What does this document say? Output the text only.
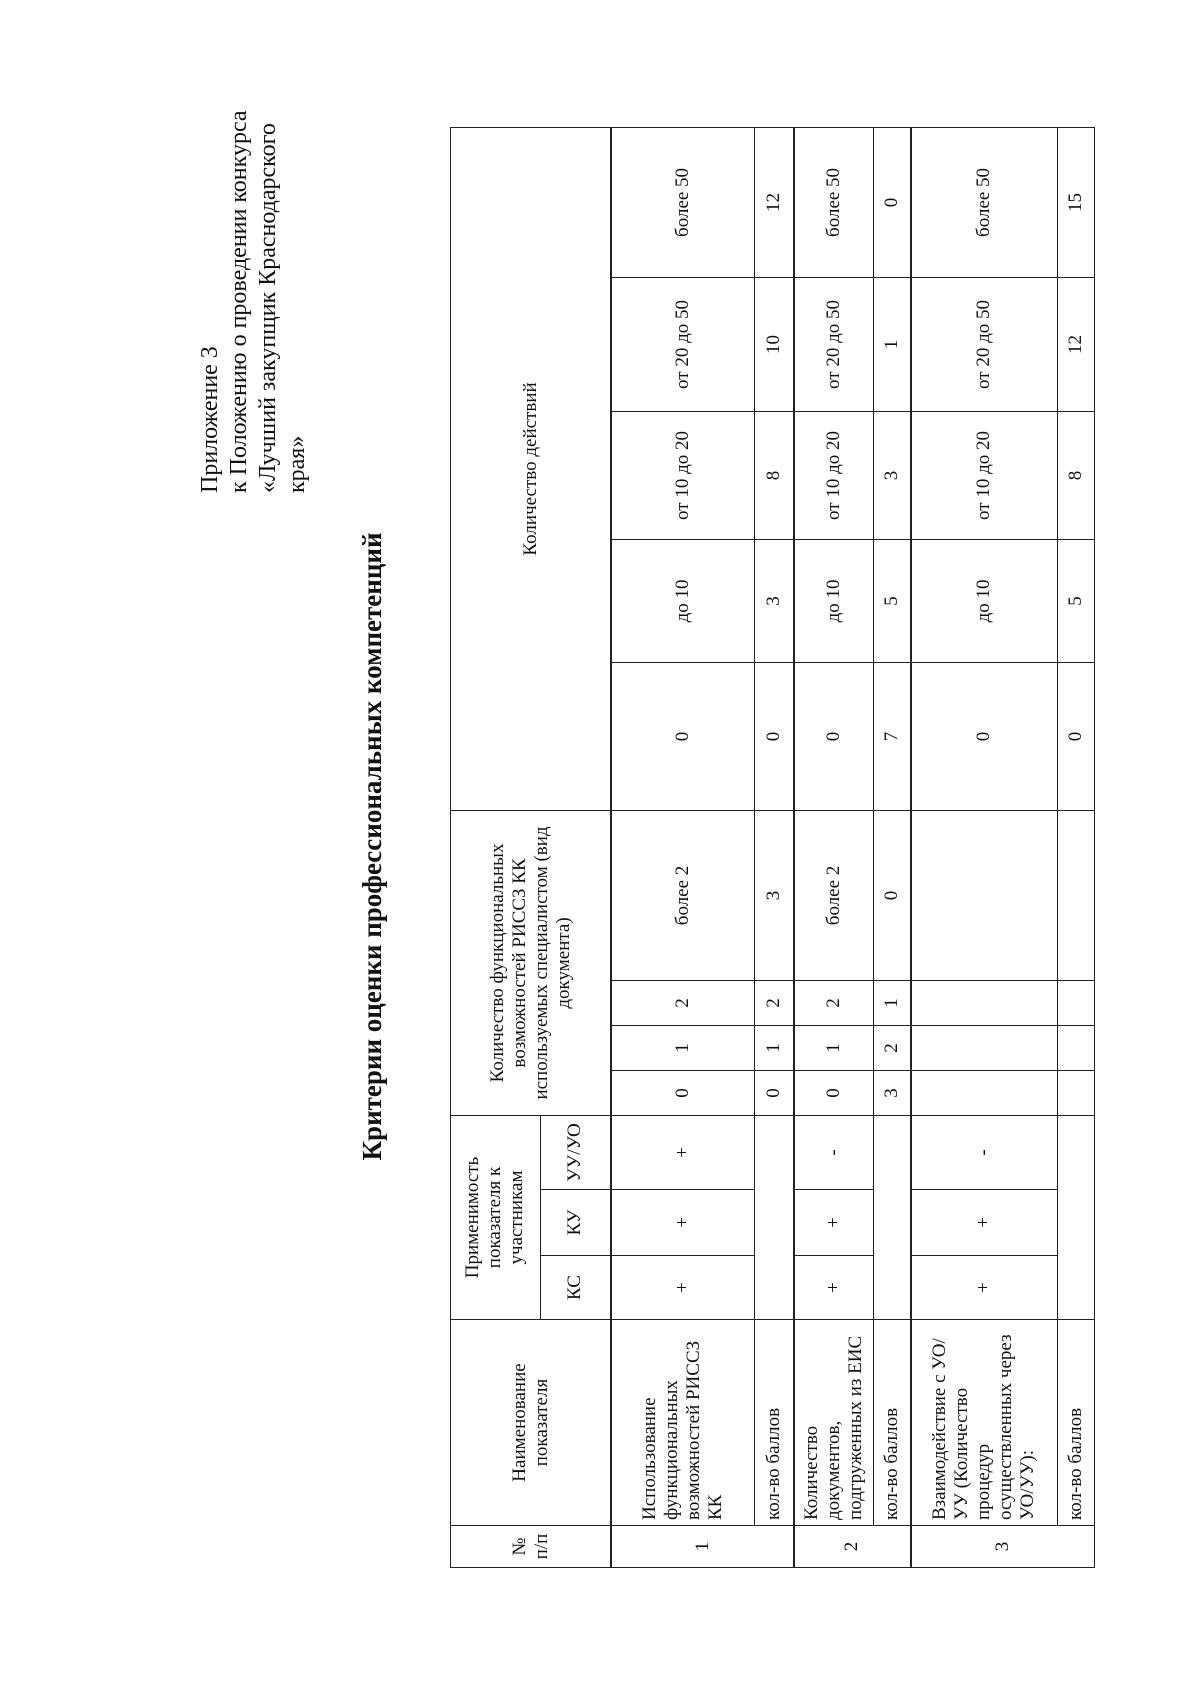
Приложение 3 к Положению о проведении конкурса «Лучший закупщик Краснодарского края»
Критерии оценки профессиональных компетенций
№ п/п	Наименование показателя	Применимость показателя к участникам			Количество функциональных возможностей РИССЗ КК используемых специалистом (вид документа)				Количество действий				

		КС	КУ	УУ/УО									
1	Использование функциональных возможностей РИССЗ КК	+	+	+	0	1	2	более 2	0	до 10	от 10 до 20	от 20 до 50	более 50
	кол-во баллов				0	1	2	3	0	3	8	10	12
2	Количество документов, подгруженных из ЕИС	+	+	-	0	1	2	более 2	0	до 10	от 10 до 20	от 20 до 50	более 50
	кол-во баллов				3	2	1	0	7	5	3	1	0
3	Взаимодействие с УО/УУ (Количество процедур осуществленных через УО/УУ):	+	+	-					0	до 10	от 10 до 20	от 20 до 50	более 50
	кол-во баллов								0	5	8	12	15
